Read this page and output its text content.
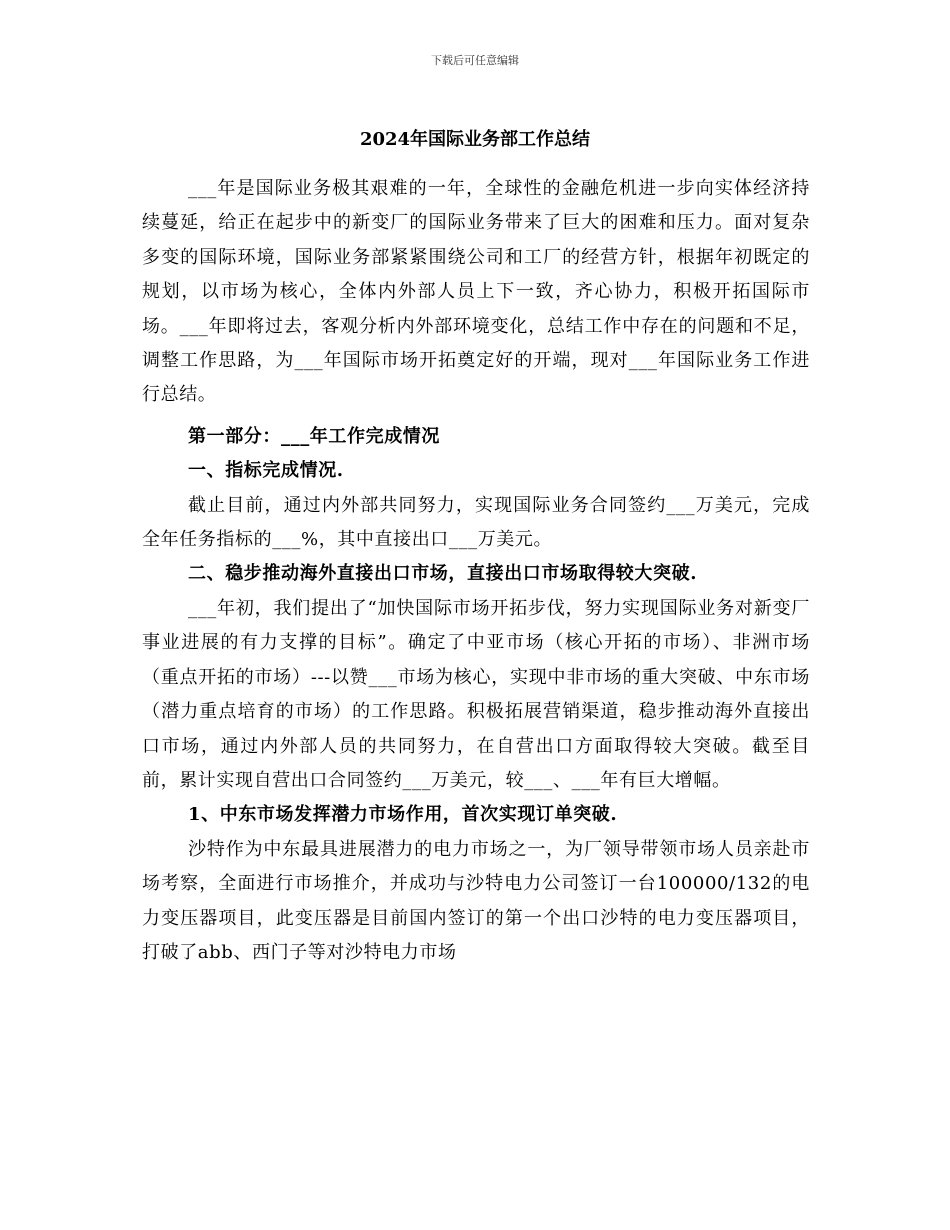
下载后可任意编辑
2024年国际业务部工作总结

___年是国际业务极其艰难的一年，全球性的金融危机进一步向实体经济持续蔓延，给正在起步中的新变厂的国际业务带来了巨大的困难和压力。面对复杂多变的国际环境，国际业务部紧紧围绕公司和工厂的经营方针，根据年初既定的规划，以市场为核心，全体内外部人员上下一致，齐心协力，积极开拓国际市场。___年即将过去，客观分析内外部环境变化，总结工作中存在的问题和不足，调整工作思路，为___年国际市场开拓奠定好的开端，现对___年国际业务工作进行总结。

第一部分：___年工作完成情况

一、指标完成情况.

截止目前，通过内外部共同努力，实现国际业务合同签约___万美元，完成全年任务指标的___%，其中直接出口___万美元。

二、稳步推动海外直接出口市场，直接出口市场取得较大突破.

___年初，我们提出了“加快国际市场开拓步伐，努力实现国际业务对新变厂事业进展的有力支撑的目标”。确定了中亚市场（核心开拓的市场）、非洲市场（重点开拓的市场）---以赞___市场为核心，实现中非市场的重大突破、中东市场（潜力重点培育的市场）的工作思路。积极拓展营销渠道，稳步推动海外直接出口市场，通过内外部人员的共同努力，在自营出口方面取得较大突破。截至目前，累计实现自营出口合同签约___万美元，较___、___年有巨大增幅。

1、中东市场发挥潜力市场作用，首次实现订单突破.

沙特作为中东最具进展潜力的电力市场之一，为厂领导带领市场人员亲赴市场考察，全面进行市场推介，并成功与沙特电力公司签订一台100000/132的电力变压器项目，此变压器是目前国内签订的第一个出口沙特的电力变压器项目，打破了abb、西门子等对沙特电力市场
